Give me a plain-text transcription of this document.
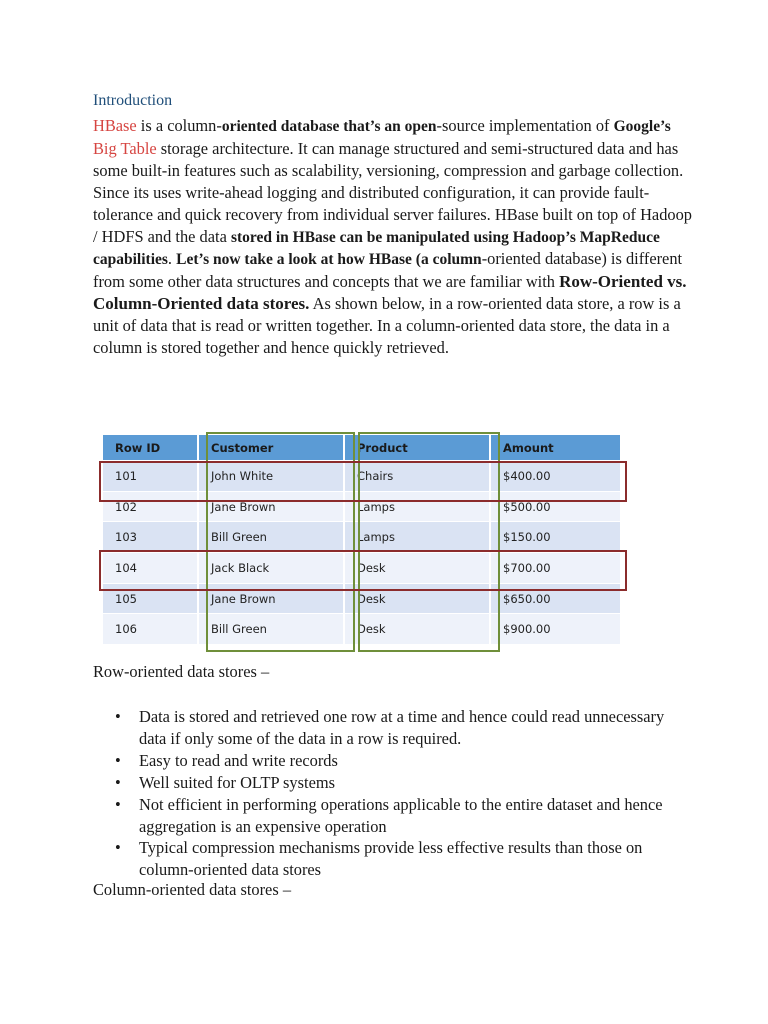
Introduction

HBase is a column-oriented database that’s an open-source implementation of Google’s Big Table storage architecture. It can manage structured and semi-structured data and has some built-in features such as scalability, versioning, compression and garbage collection. Since its uses write-ahead logging and distributed configuration, it can provide fault-tolerance and quick recovery from individual server failures. HBase built on top of Hadoop / HDFS and the data stored in HBase can be manipulated using Hadoop’s MapReduce capabilities. Let’s now take a look at how HBase (a column-oriented database) is different from some other data structures and concepts that we are familiar with Row-Oriented vs. Column-Oriented data stores. As shown below, in a row-oriented data store, a row is a unit of data that is read or written together. In a column-oriented data store, the data in a column is stored together and hence quickly retrieved.

Row ID	Customer	Product	Amount
101	John White	Chairs	$400.00
102	Jane Brown	Lamps	$500.00
103	Bill Green	Lamps	$150.00
104	Jack Black	Desk	$700.00
105	Jane Brown	Desk	$650.00
106	Bill Green	Desk	$900.00
Row-oriented data stores –
• Data is stored and retrieved one row at a time and hence could read unnecessary data if only some of the data in a row is required.
• Easy to read and write records
• Well suited for OLTP systems
• Not efficient in performing operations applicable to the entire dataset and hence aggregation is an expensive operation
• Typical compression mechanisms provide less effective results than those on column-oriented data stores
Column-oriented data stores –
